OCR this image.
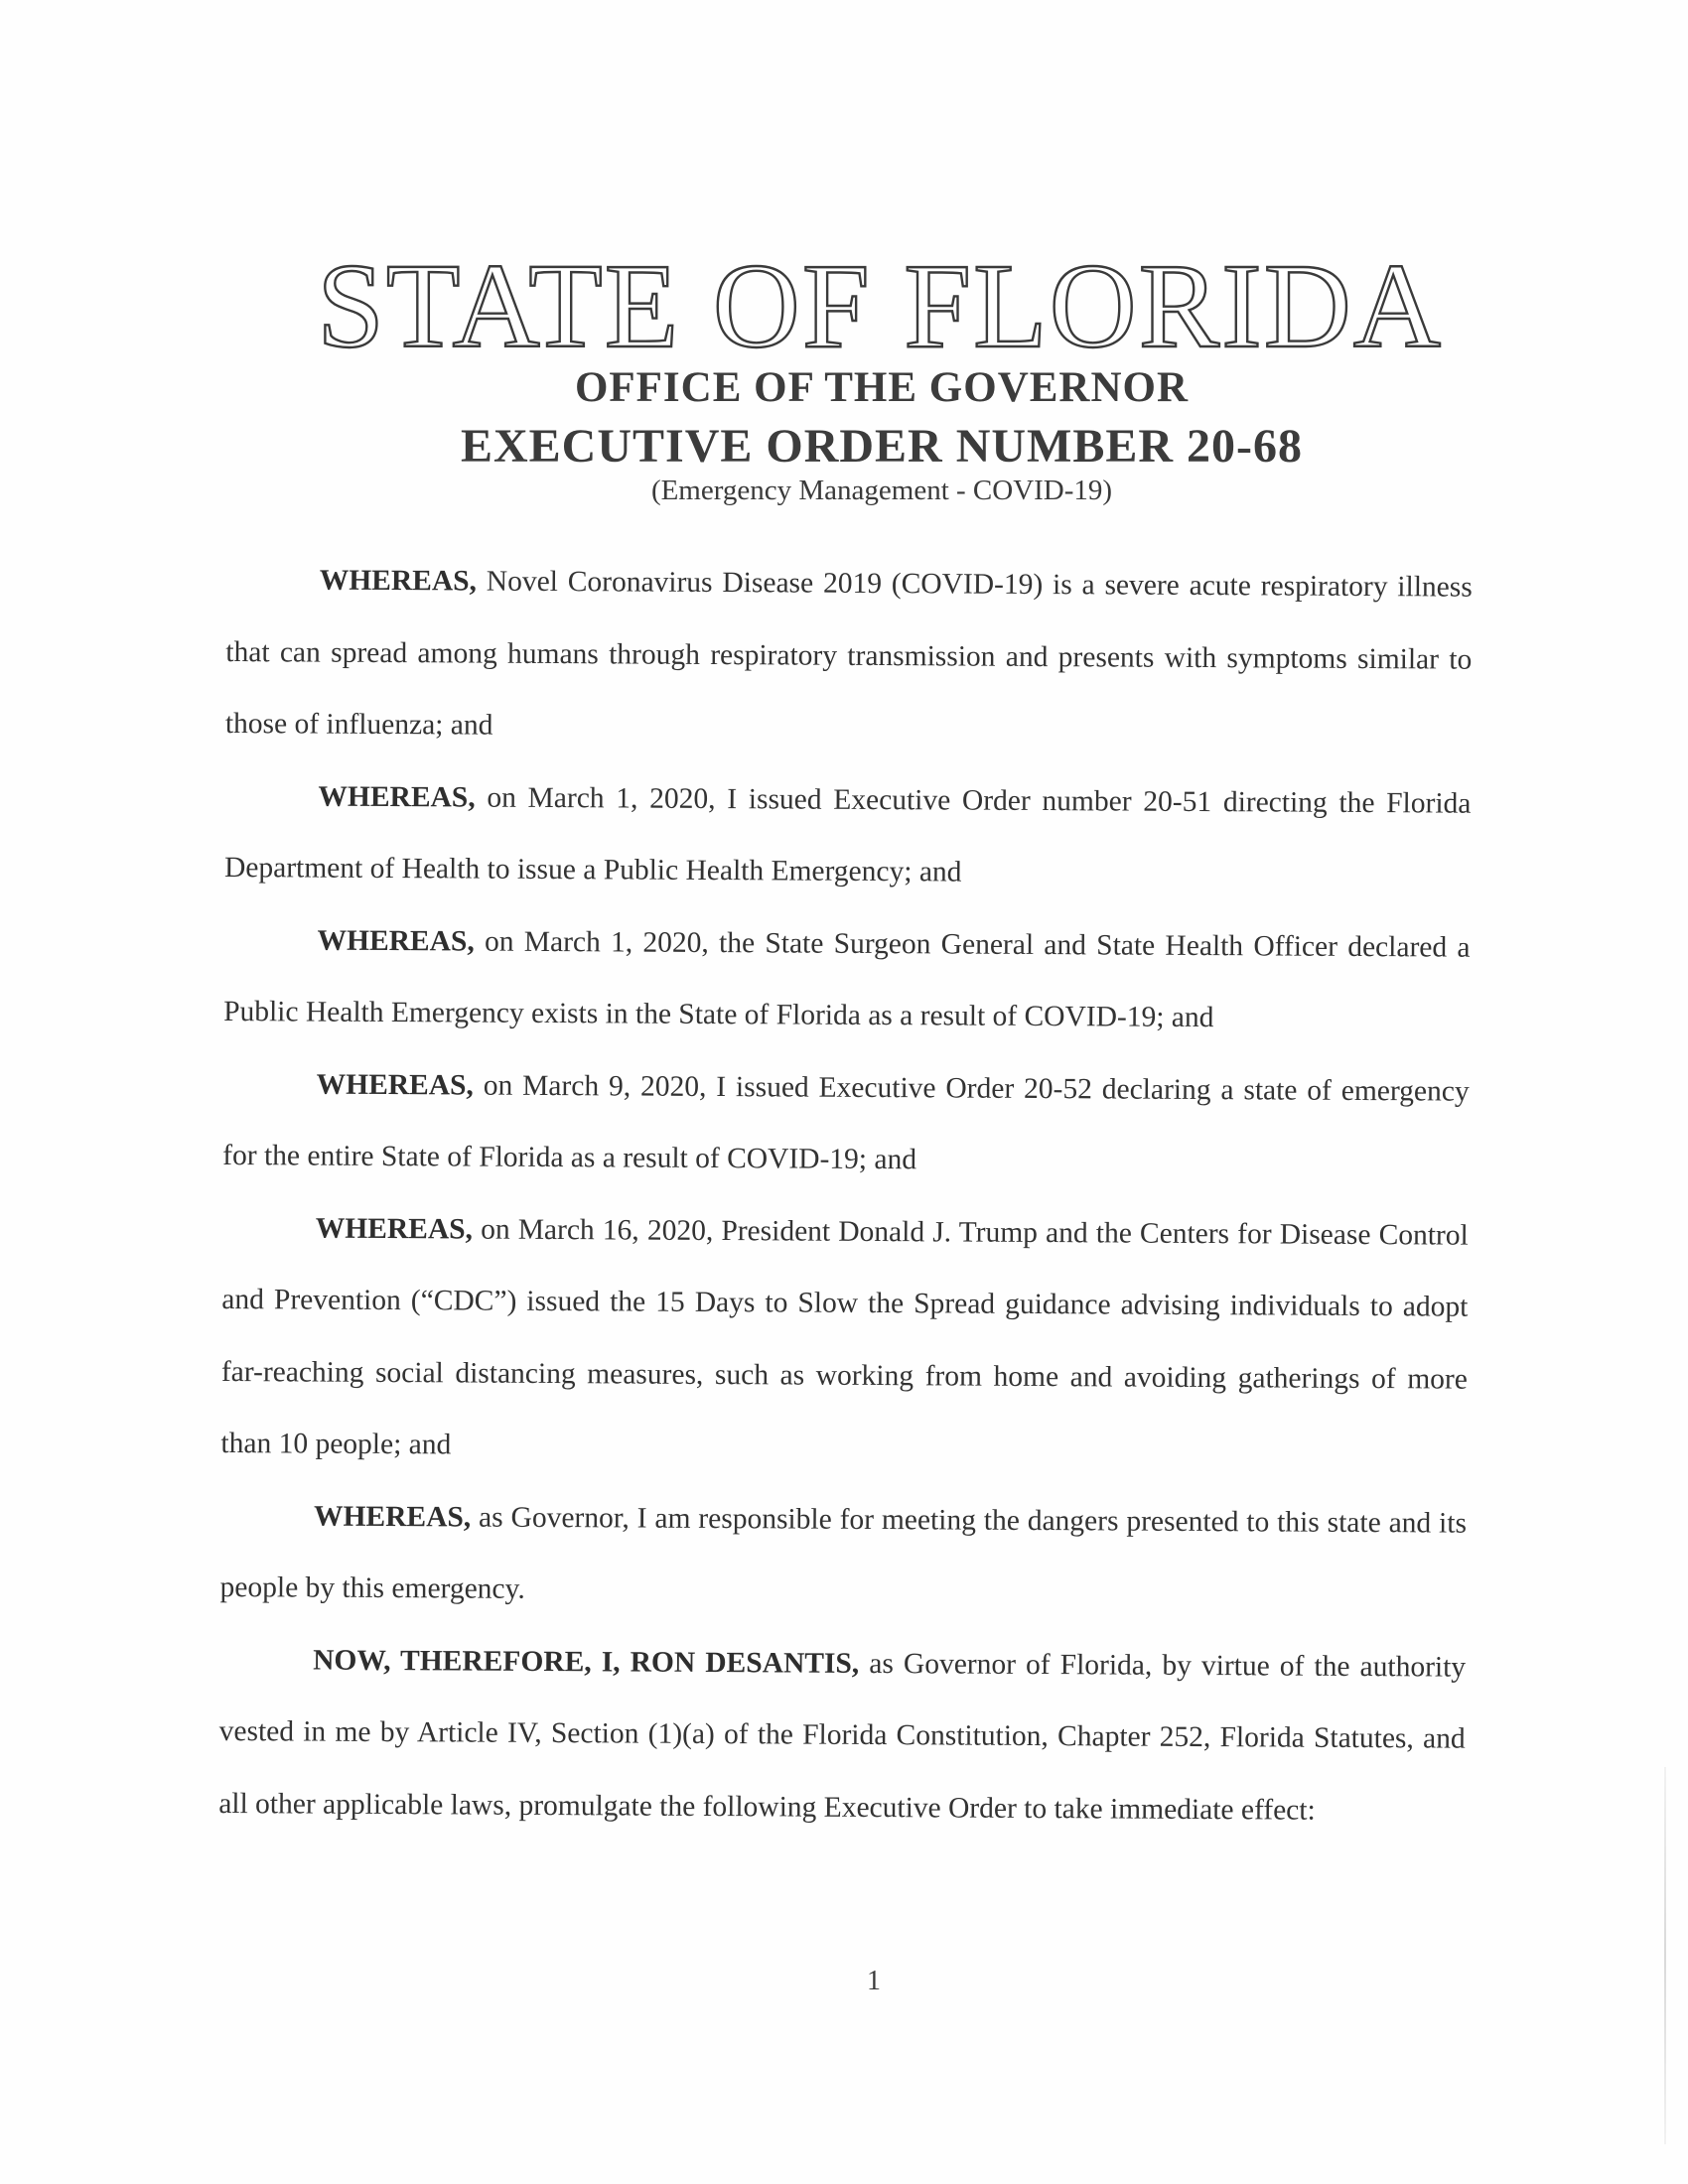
STATE OF FLORIDA
OFFICE OF THE GOVERNOR
EXECUTIVE ORDER NUMBER 20-68
(Emergency Management - COVID-19)

WHEREAS, Novel Coronavirus Disease 2019 (COVID-19) is a severe acute respiratory illness that can spread among humans through respiratory transmission and presents with symptoms similar to those of influenza; and

WHEREAS, on March 1, 2020, I issued Executive Order number 20-51 directing the Florida Department of Health to issue a Public Health Emergency; and

WHEREAS, on March 1, 2020, the State Surgeon General and State Health Officer declared a Public Health Emergency exists in the State of Florida as a result of COVID-19; and

WHEREAS, on March 9, 2020, I issued Executive Order 20-52 declaring a state of emergency for the entire State of Florida as a result of COVID-19; and

WHEREAS, on March 16, 2020, President Donald J. Trump and the Centers for Disease Control and Prevention (“CDC”) issued the 15 Days to Slow the Spread guidance advising individuals to adopt far-reaching social distancing measures, such as working from home and avoiding gatherings of more than 10 people; and

WHEREAS, as Governor, I am responsible for meeting the dangers presented to this state and its people by this emergency.

NOW, THEREFORE, I, RON DESANTIS, as Governor of Florida, by virtue of the authority vested in me by Article IV, Section (1)(a) of the Florida Constitution, Chapter 252, Florida Statutes, and all other applicable laws, promulgate the following Executive Order to take immediate effect:

1
